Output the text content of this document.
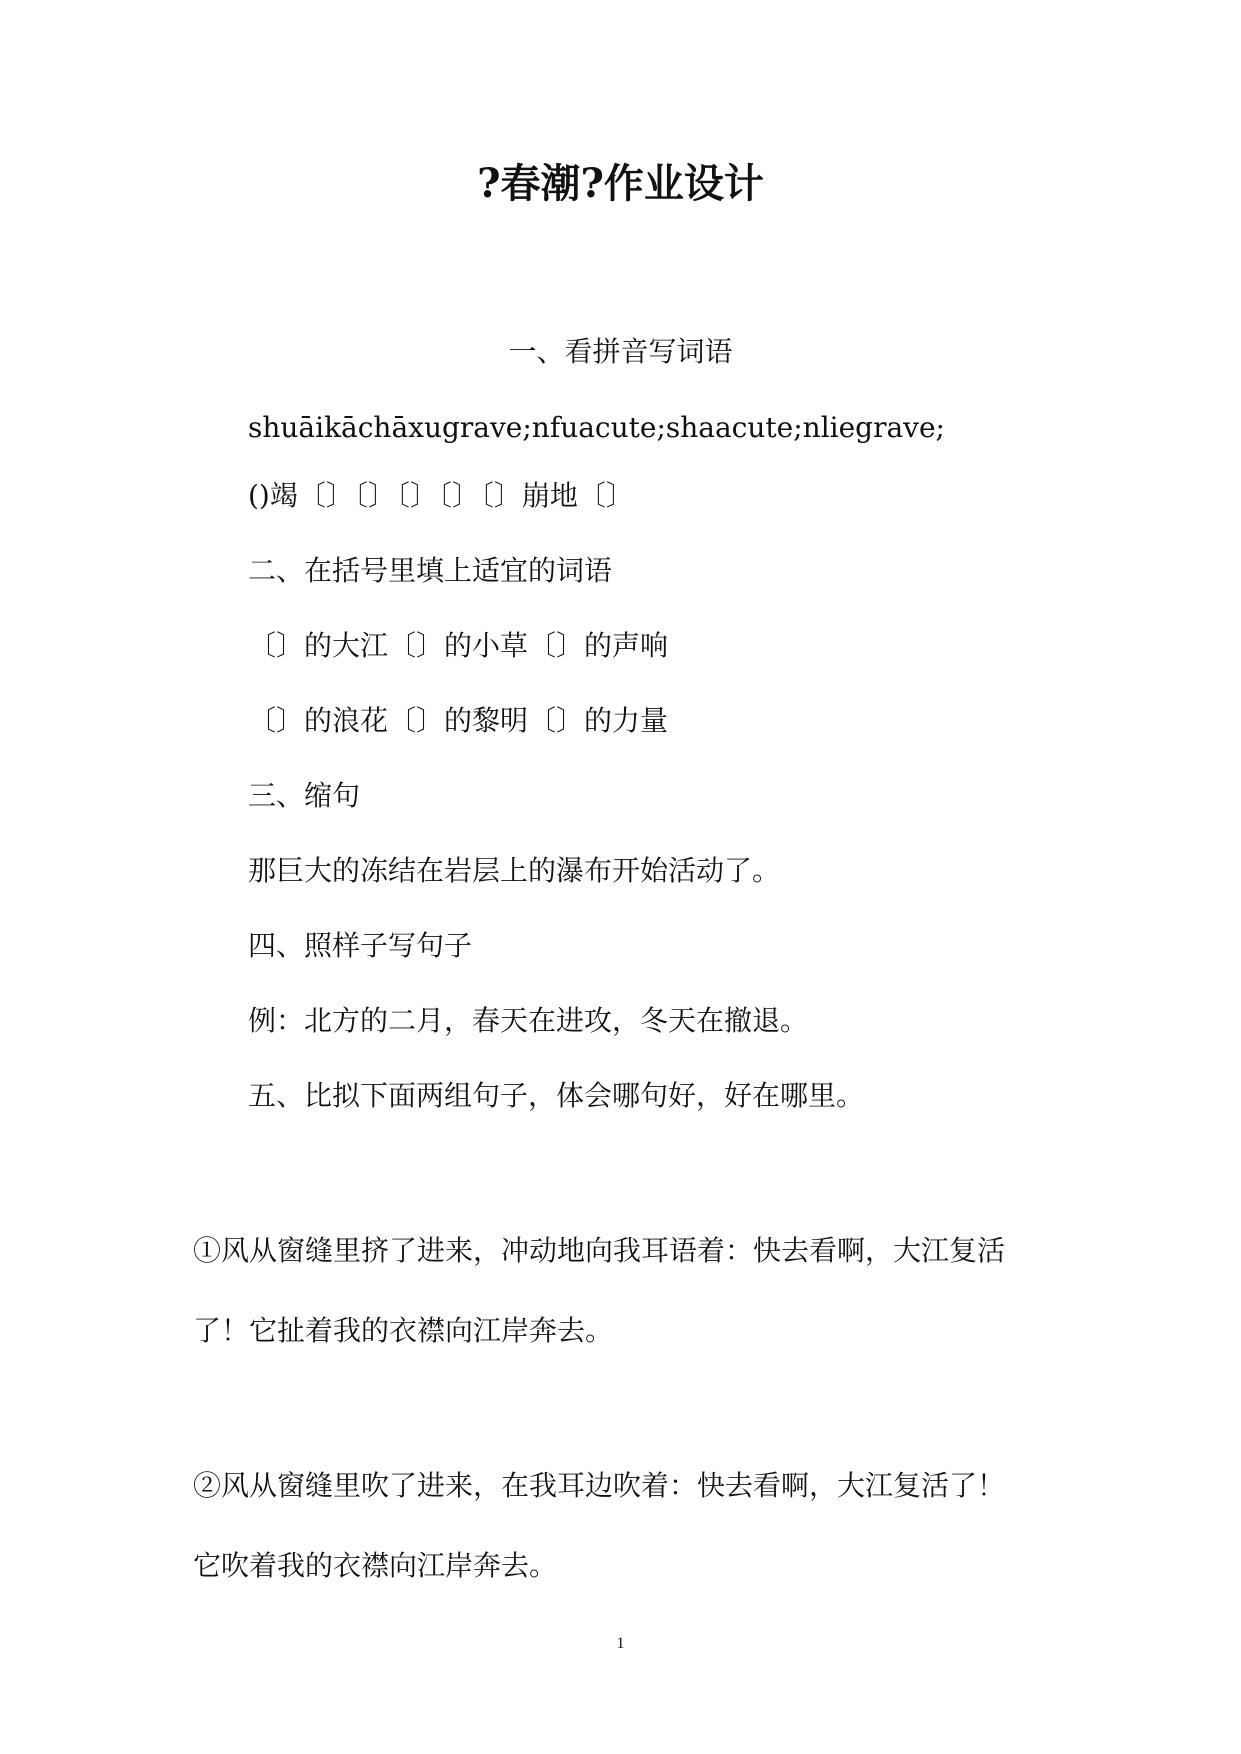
?春潮?作业设计
一、看拼音写词语
shuāikāchāxugrave;nfuacute;shaacute;nliegrave;
()竭〔〕〔〕〔〕〔〕〔〕崩地〔〕
二、在括号里填上适宜的词语
〔〕的大江〔〕的小草〔〕的声响
〔〕的浪花〔〕的黎明〔〕的力量
三、缩句
那巨大的冻结在岩层上的瀑布开始活动了。
四、照样子写句子
例：北方的二月，春天在进攻，冬天在撤退。
五、比拟下面两组句子，体会哪句好，好在哪里。
①风从窗缝里挤了进来，冲动地向我耳语着：快去看啊，大江复活
了！它扯着我的衣襟向江岸奔去。
②风从窗缝里吹了进来，在我耳边吹着：快去看啊，大江复活了！
它吹着我的衣襟向江岸奔去。
1
